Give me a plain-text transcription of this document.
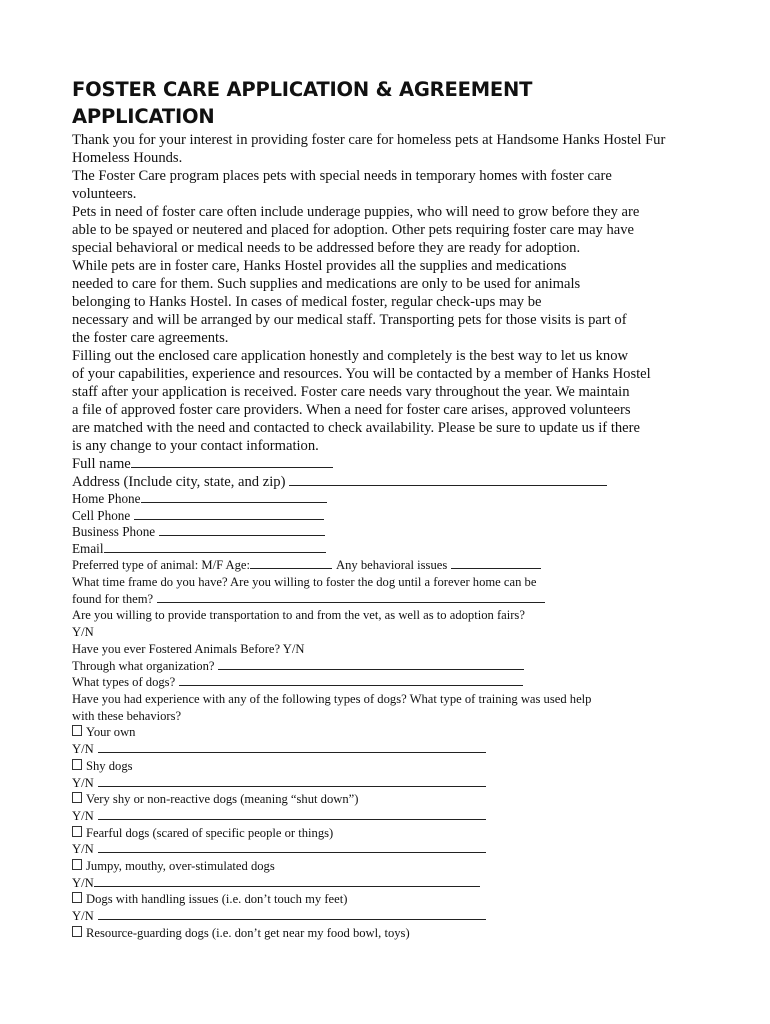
FOSTER CARE APPLICATION & AGREEMENT
APPLICATION
Thank you for your interest in providing foster care for homeless pets at Handsome Hanks Hostel Fur
Homeless Hounds.
The Foster Care program places pets with special needs in temporary homes with foster care
volunteers.
Pets in need of foster care often include underage puppies, who will need to grow before they are
able to be spayed or neutered and placed for adoption. Other pets requiring foster care may have
special behavioral or medical needs to be addressed before they are ready for adoption.
While pets are in foster care, Hanks Hostel provides all the supplies and medications
needed to care for them. Such supplies and medications are only to be used for animals
belonging to Hanks Hostel. In cases of medical foster, regular check-ups may be
necessary and will be arranged by our medical staff. Transporting pets for those visits is part of
the foster care agreements.
Filling out the enclosed care application honestly and completely is the best way to let us know
of your capabilities, experience and resources. You will be contacted by a member of Hanks Hostel
staff after your application is received. Foster care needs vary throughout the year. We maintain
a file of approved foster care providers. When a need for foster care arises, approved volunteers
are matched with the need and contacted to check availability. Please be sure to update us if there
is any change to your contact information.
Full name
Address (Include city, state, and zip)
Home Phone
Cell Phone
Business Phone
Email
Preferred type of animal: M/F Age:	Any behavioral issues
What time frame do you have? Are you willing to foster the dog until a forever home can be
found for them?
Are you willing to provide transportation to and from the vet, as well as to adoption fairs?
Y/N
Have you ever Fostered Animals Before? Y/N
Through what organization?
What types of dogs?
Have you had experience with any of the following types of dogs? What type of training was used help
with these behaviors?
Your own
Y/N
Shy dogs
Y/N
Very shy or non-reactive dogs (meaning “shut down”)
Y/N
Fearful dogs (scared of specific people or things)
Y/N
Jumpy, mouthy, over-stimulated dogs
Y/N
Dogs with handling issues (i.e. don’t touch my feet)
Y/N
Resource-guarding dogs (i.e. don’t get near my food bowl, toys)
